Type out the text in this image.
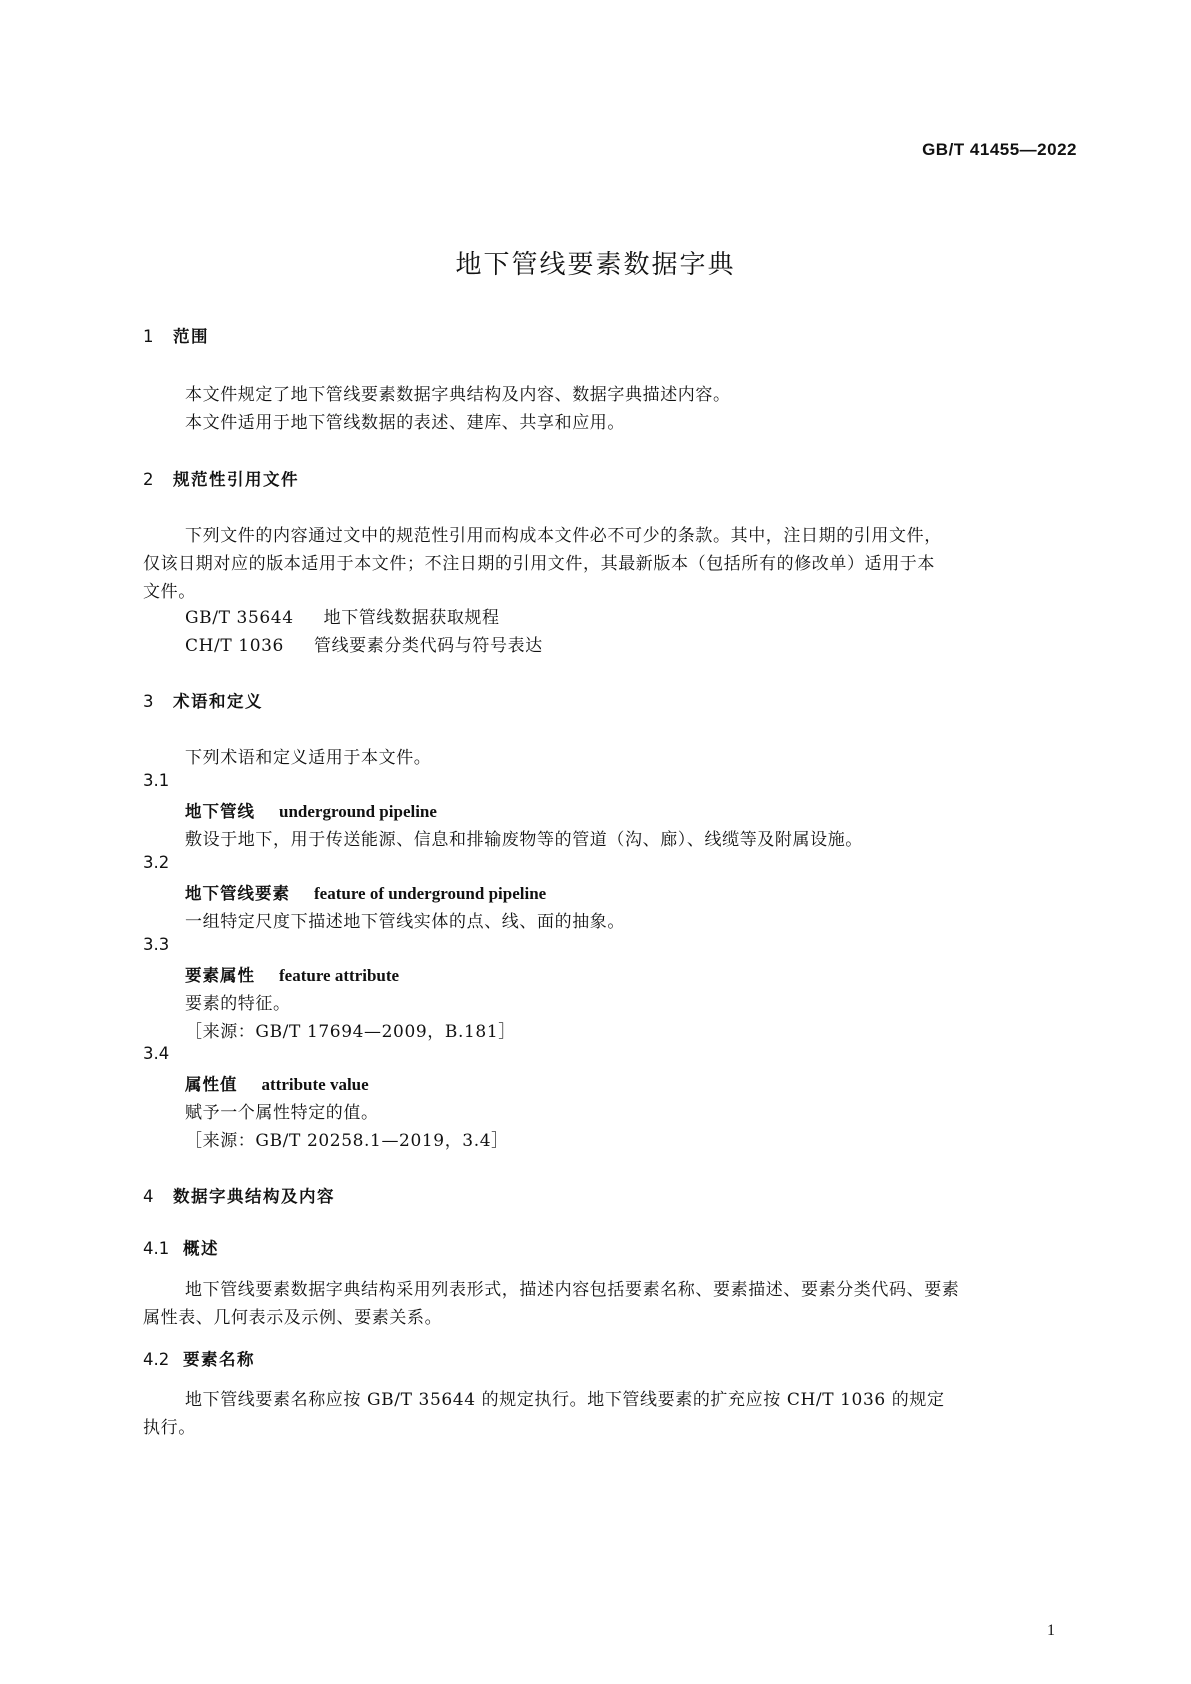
GB/T 41455—2022
地下管线要素数据字典
1 范围
本文件规定了地下管线要素数据字典结构及内容、数据字典描述内容。
本文件适用于地下管线数据的表述、建库、共享和应用。
2 规范性引用文件
下列文件的内容通过文中的规范性引用而构成本文件必不可少的条款。其中，注日期的引用文件，
仅该日期对应的版本适用于本文件；不注日期的引用文件，其最新版本（包括所有的修改单）适用于本
文件。
GB/T 35644 地下管线数据获取规程
CH/T 1036 管线要素分类代码与符号表达
3 术语和定义
下列术语和定义适用于本文件。
3.1
地下管线 underground pipeline
敷设于地下，用于传送能源、信息和排输废物等的管道（沟、廊）、线缆等及附属设施。
3.2
地下管线要素 feature of underground pipeline
一组特定尺度下描述地下管线实体的点、线、面的抽象。
3.3
要素属性 feature attribute
要素的特征。
［来源：GB/T 17694—2009，B.181］
3.4
属性值 attribute value
赋予一个属性特定的值。
［来源：GB/T 20258.1—2019，3.4］
4 数据字典结构及内容
4.1 概述
地下管线要素数据字典结构采用列表形式，描述内容包括要素名称、要素描述、要素分类代码、要素
属性表、几何表示及示例、要素关系。
4.2 要素名称
地下管线要素名称应按 GB/T 35644 的规定执行。地下管线要素的扩充应按 CH/T 1036 的规定
执行。
1
